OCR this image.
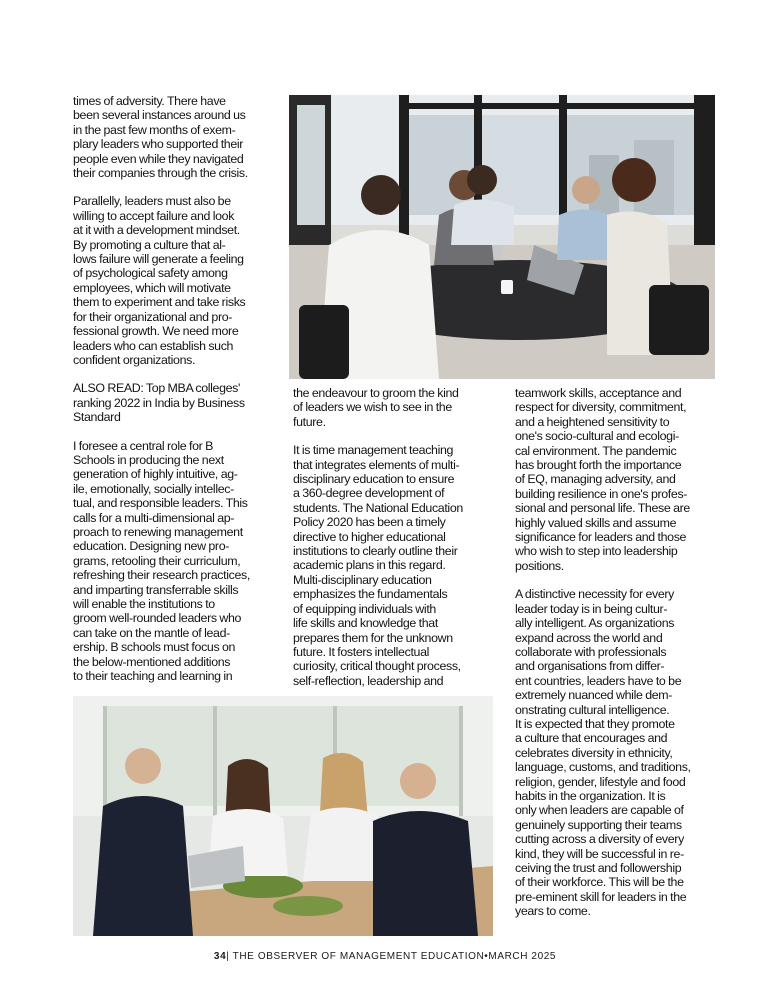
times of adversity. There have
been several instances around us
in the past few months of exem-
plary leaders who supported their
people even while they navigated
their companies through the crisis.

Parallelly, leaders must also be
willing to accept failure and look
at it with a development mindset.
By promoting a culture that al-
lows failure will generate a feeling
of psychological safety among
employees, which will motivate
them to experiment and take risks
for their organizational and pro-
fessional growth. We need more
leaders who can establish such
confident organizations.

ALSO READ: Top MBA colleges'
ranking 2022 in India by Business
Standard

I foresee a central role for B
Schools in producing the next
generation of highly intuitive, ag-
ile, emotionally, socially intellec-
tual, and responsible leaders. This
calls for a multi-dimensional ap-
proach to renewing management
education. Designing new pro-
grams, retooling their curriculum,
refreshing their research practices,
and imparting transferrable skills
will enable the institutions to
groom well-rounded leaders who
can take on the mantle of lead-
ership. B schools must focus on
the below-mentioned additions
to their teaching and learning in

the endeavour to groom the kind
of leaders we wish to see in the
future.

It is time management teaching
that integrates elements of multi-
disciplinary education to ensure
a 360-degree development of
students. The National Education
Policy 2020 has been a timely
directive to higher educational
institutions to clearly outline their
academic plans in this regard.
Multi-disciplinary education
emphasizes the fundamentals
of equipping individuals with
life skills and knowledge that
prepares them for the unknown
future. It fosters intellectual
curiosity, critical thought process,
self-reflection, leadership and

teamwork skills, acceptance and
respect for diversity, commitment,
and a heightened sensitivity to
one's socio-cultural and ecologi-
cal environment. The pandemic
has brought forth the importance
of EQ, managing adversity, and
building resilience in one's profes-
sional and personal life. These are
highly valued skills and assume
significance for leaders and those
who wish to step into leadership
positions.

A distinctive necessity for every
leader today is in being cultur-
ally intelligent. As organizations
expand across the world and
collaborate with professionals
and organisations from differ-
ent countries, leaders have to be
extremely nuanced while dem-
onstrating cultural intelligence.
It is expected that they promote
a culture that encourages and
celebrates diversity in ethnicity,
language, customs, and traditions,
religion, gender, lifestyle and food
habits in the organization. It is
only when leaders are capable of
genuinely supporting their teams
cutting across a diversity of every
kind, they will be successful in re-
ceiving the trust and followership
of their workforce. This will be the
pre-eminent skill for leaders in the
years to come.

34| THE OBSERVER OF MANAGEMENT EDUCATION•MARCH 2025
